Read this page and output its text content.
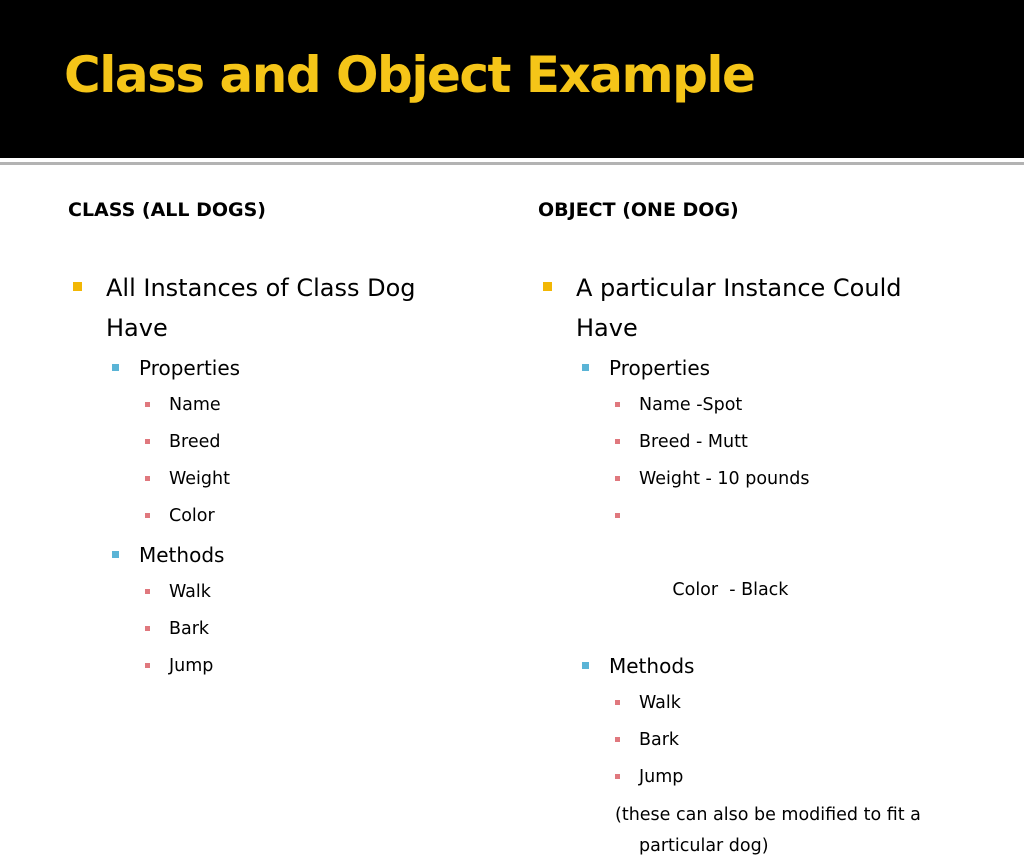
Class and Object Example
CLASS (ALL DOGS)	OBJECT (ONE DOG)
All Instances of Class Dog Have
Properties
Name
Breed
Weight
Color
Methods
Walk
Bark
Jump
A particular Instance Could Have
Properties
Name -Spot
Breed - Mutt
Weight - 10 pounds

Color  - Black

Methods
Walk
Bark
Jump
(these can also be modified to fit a particular dog)
